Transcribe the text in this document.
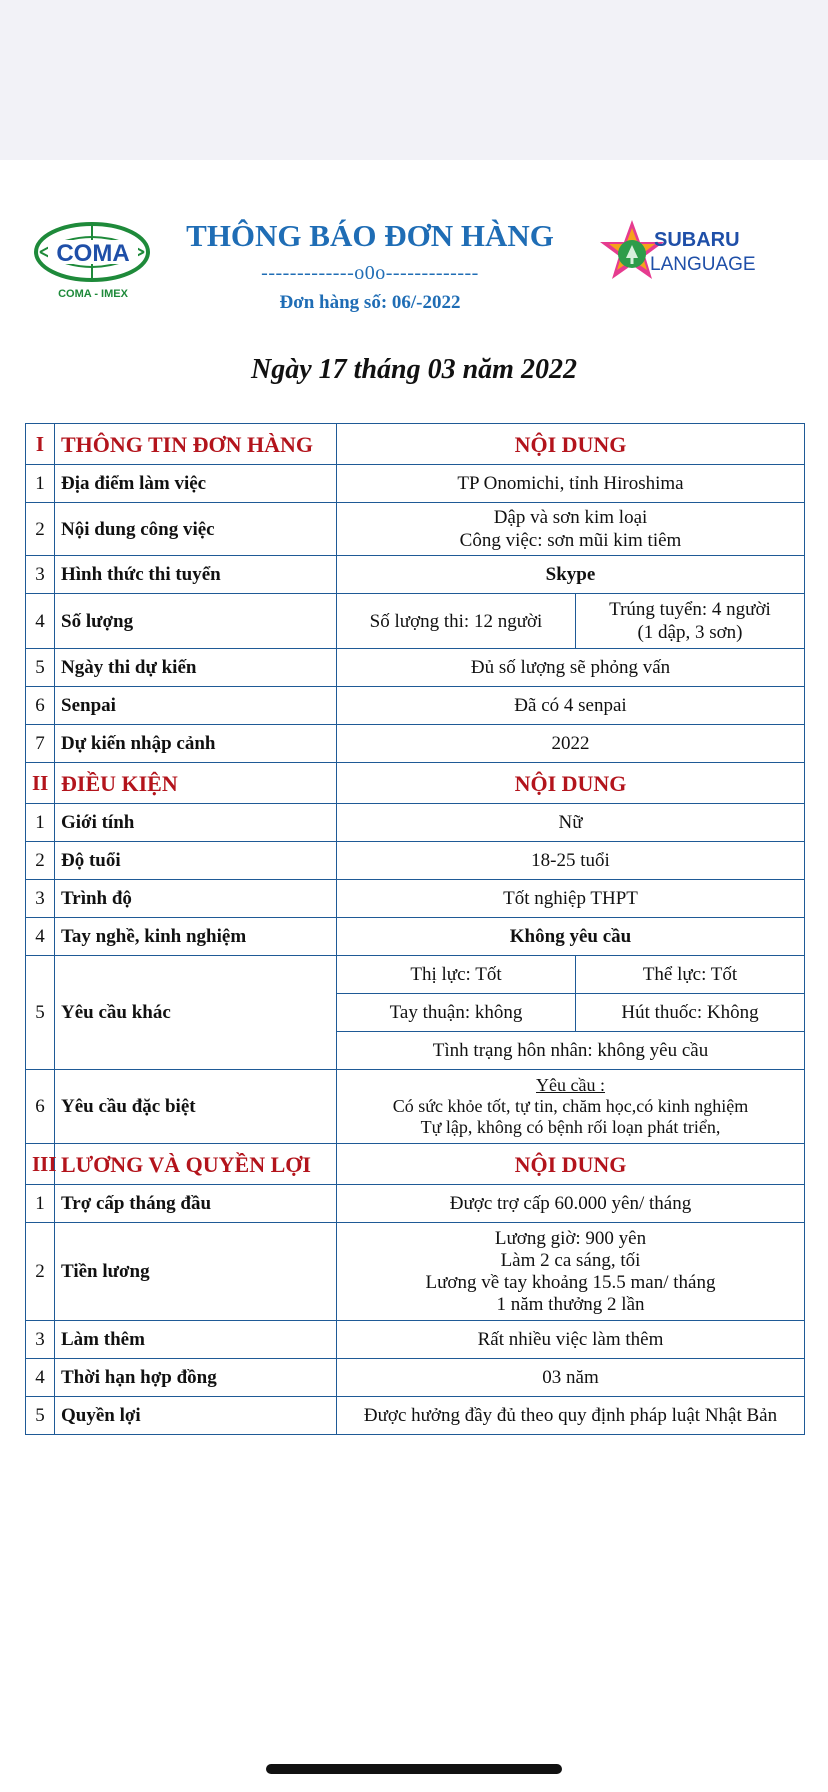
COMA
COMA - IMEX
THÔNG BÁO ĐƠN HÀNG
-------------o0o-------------
Đơn hàng số: 06/-2022
SUBARU
LANGUAGE
Ngày 17 tháng 03 năm 2022
I	THÔNG TIN ĐƠN HÀNG	NỘI DUNG	
1	Địa điểm làm việc	TP Onomichi, tỉnh Hiroshima	
2	Nội dung công việc	Dập và sơn kim loại
Công việc: sơn mũi kim tiêm	

3	Hình thức thi tuyển	Skype	
4	Số lượng	Số lượng thi: 12 người	Trúng tuyển: 4 người
(1 dập, 3 sơn)

5	Ngày thi dự kiến	Đủ số lượng sẽ phỏng vấn	
6	Senpai	Đã có 4 senpai	
7	Dự kiến nhập cảnh	2022	
II	ĐIỀU KIỆN	NỘI DUNG	
1	Giới tính	Nữ	
2	Độ tuổi	18-25 tuổi	
3	Trình độ	Tốt nghiệp THPT	
4	Tay nghề, kinh nghiệm	Không yêu cầu	
5	Yêu cầu khác	Thị lực: Tốt	Thể lực: Tốt
		Tay thuận: không	Hút thuốc: Không
		Tình trạng hôn nhân: không yêu cầu	
6	Yêu cầu đặc biệt	Yêu cầu :
Có sức khỏe tốt, tự tin, chăm học,có kinh nghiệm
Tự lập, không có bệnh rối loạn phát triển,	

III	LƯƠNG VÀ QUYỀN LỢI	NỘI DUNG	
1	Trợ cấp tháng đầu	Được trợ cấp 60.000 yên/ tháng	
2	Tiền lương	Lương giờ: 900 yên
Làm 2 ca sáng, tối
Lương về tay khoảng 15.5 man/ tháng
1 năm thưởng 2 lần	

3	Làm thêm	Rất nhiều việc làm thêm	
4	Thời hạn hợp đồng	03 năm	
5	Quyền lợi	Được hưởng đầy đủ theo quy định pháp luật Nhật Bản	
